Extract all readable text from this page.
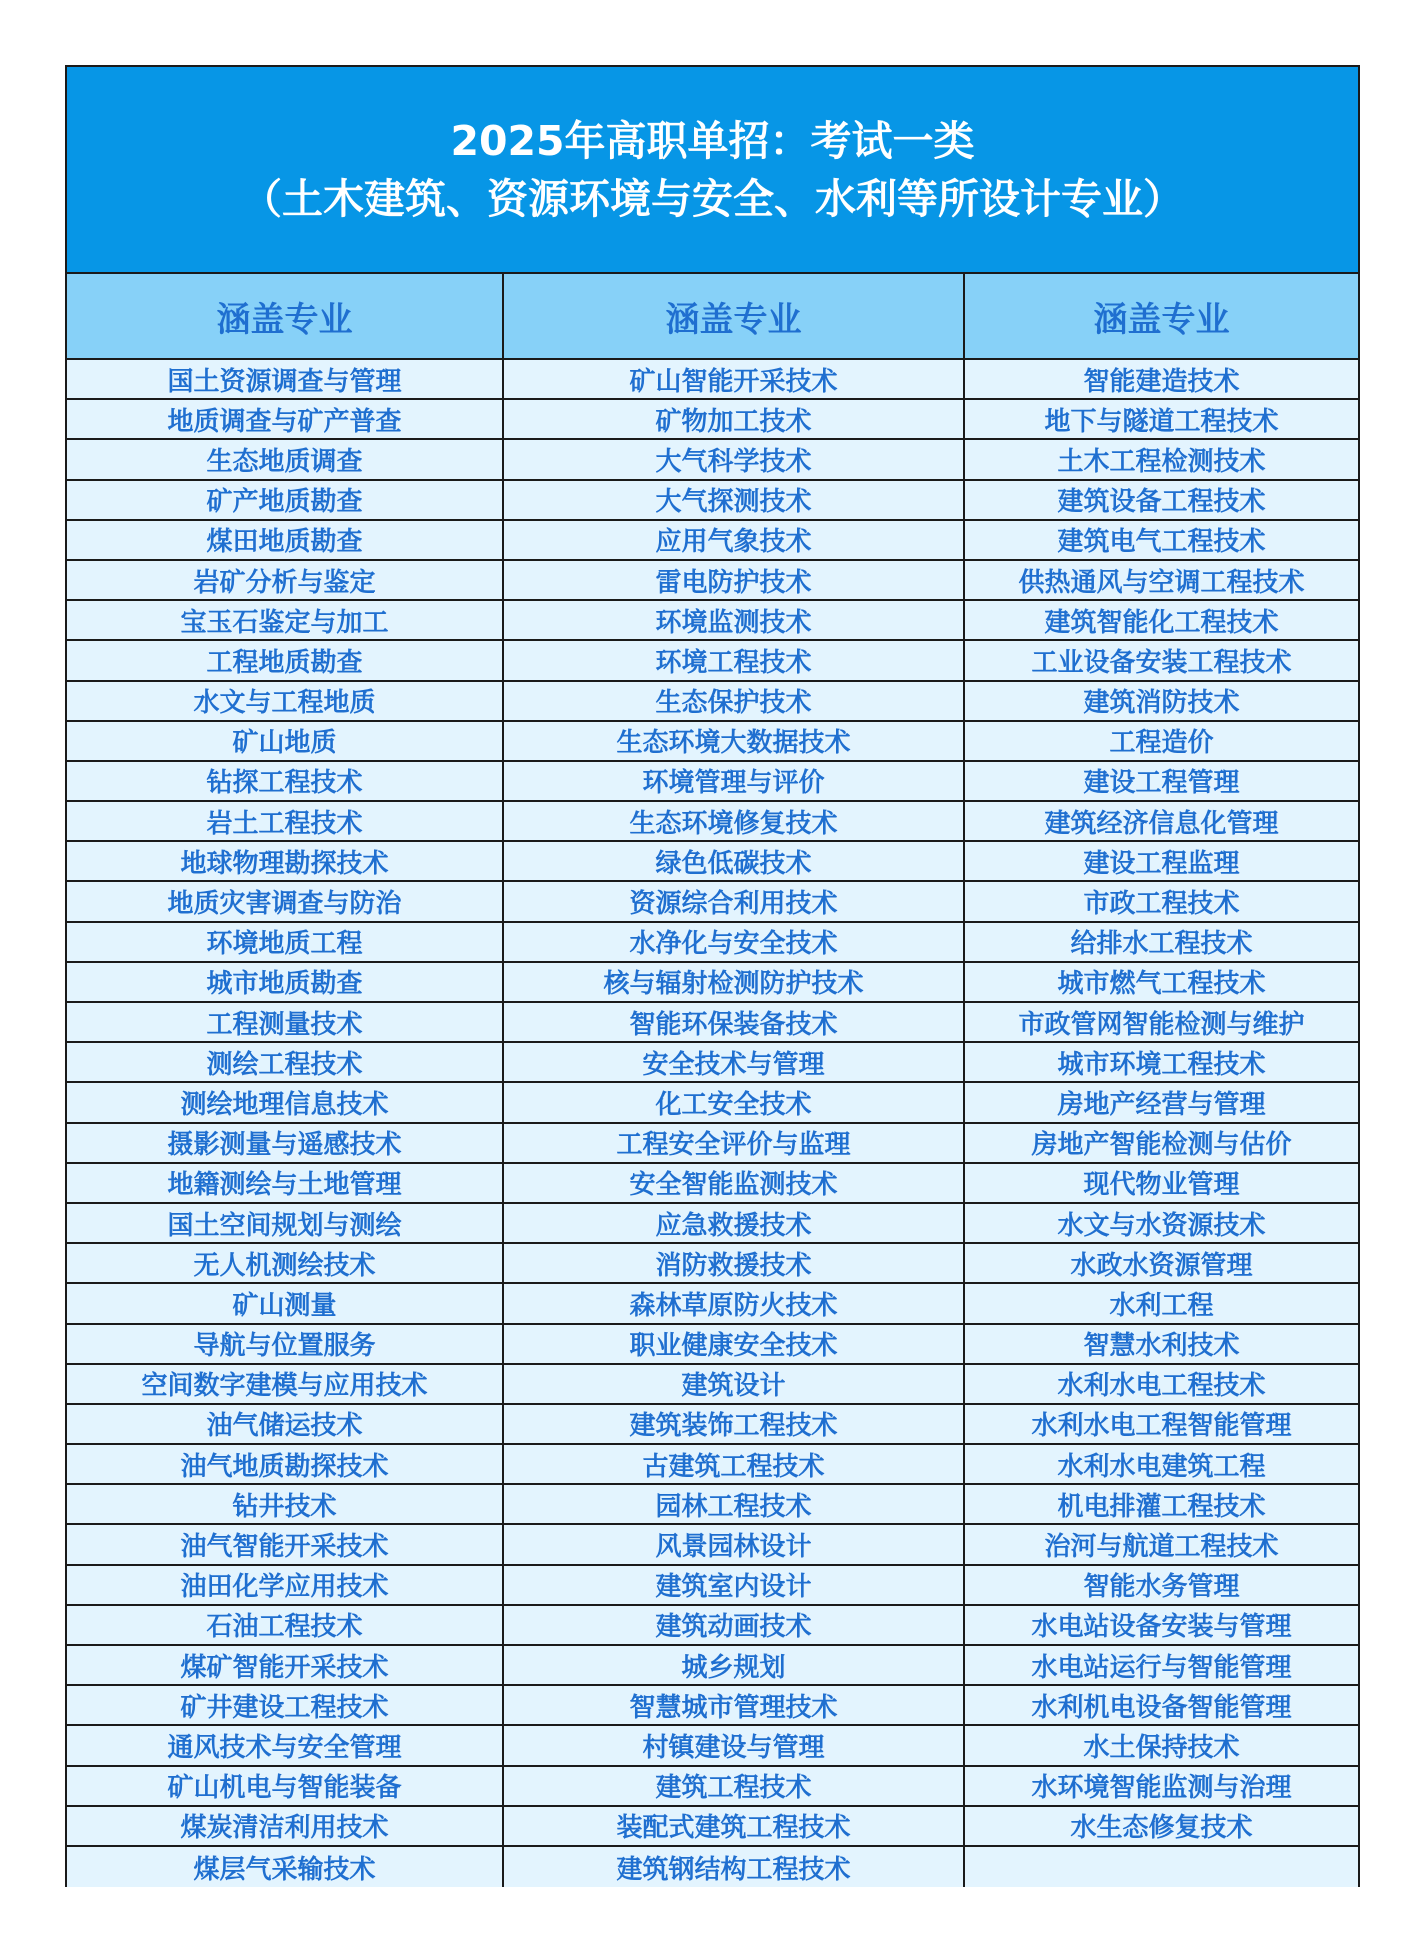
2025年高职单招：考试一类
（土木建筑、资源环境与安全、水利等所设计专业）
涵盖专业	涵盖专业	涵盖专业
国土资源调查与管理	矿山智能开采技术	智能建造技术
地质调查与矿产普查	矿物加工技术	地下与隧道工程技术
生态地质调查	大气科学技术	土木工程检测技术
矿产地质勘查	大气探测技术	建筑设备工程技术
煤田地质勘查	应用气象技术	建筑电气工程技术
岩矿分析与鉴定	雷电防护技术	供热通风与空调工程技术
宝玉石鉴定与加工	环境监测技术	建筑智能化工程技术
工程地质勘查	环境工程技术	工业设备安装工程技术
水文与工程地质	生态保护技术	建筑消防技术
矿山地质	生态环境大数据技术	工程造价
钻探工程技术	环境管理与评价	建设工程管理
岩土工程技术	生态环境修复技术	建筑经济信息化管理
地球物理勘探技术	绿色低碳技术	建设工程监理
地质灾害调查与防治	资源综合利用技术	市政工程技术
环境地质工程	水净化与安全技术	给排水工程技术
城市地质勘查	核与辐射检测防护技术	城市燃气工程技术
工程测量技术	智能环保装备技术	市政管网智能检测与维护
测绘工程技术	安全技术与管理	城市环境工程技术
测绘地理信息技术	化工安全技术	房地产经营与管理
摄影测量与遥感技术	工程安全评价与监理	房地产智能检测与估价
地籍测绘与土地管理	安全智能监测技术	现代物业管理
国土空间规划与测绘	应急救援技术	水文与水资源技术
无人机测绘技术	消防救援技术	水政水资源管理
矿山测量	森林草原防火技术	水利工程
导航与位置服务	职业健康安全技术	智慧水利技术
空间数字建模与应用技术	建筑设计	水利水电工程技术
油气储运技术	建筑装饰工程技术	水利水电工程智能管理
油气地质勘探技术	古建筑工程技术	水利水电建筑工程
钻井技术	园林工程技术	机电排灌工程技术
油气智能开采技术	风景园林设计	治河与航道工程技术
油田化学应用技术	建筑室内设计	智能水务管理
石油工程技术	建筑动画技术	水电站设备安装与管理
煤矿智能开采技术	城乡规划	水电站运行与智能管理
矿井建设工程技术	智慧城市管理技术	水利机电设备智能管理
通风技术与安全管理	村镇建设与管理	水土保持技术
矿山机电与智能装备	建筑工程技术	水环境智能监测与治理
煤炭清洁利用技术	装配式建筑工程技术	水生态修复技术
煤层气采输技术	建筑钢结构工程技术
